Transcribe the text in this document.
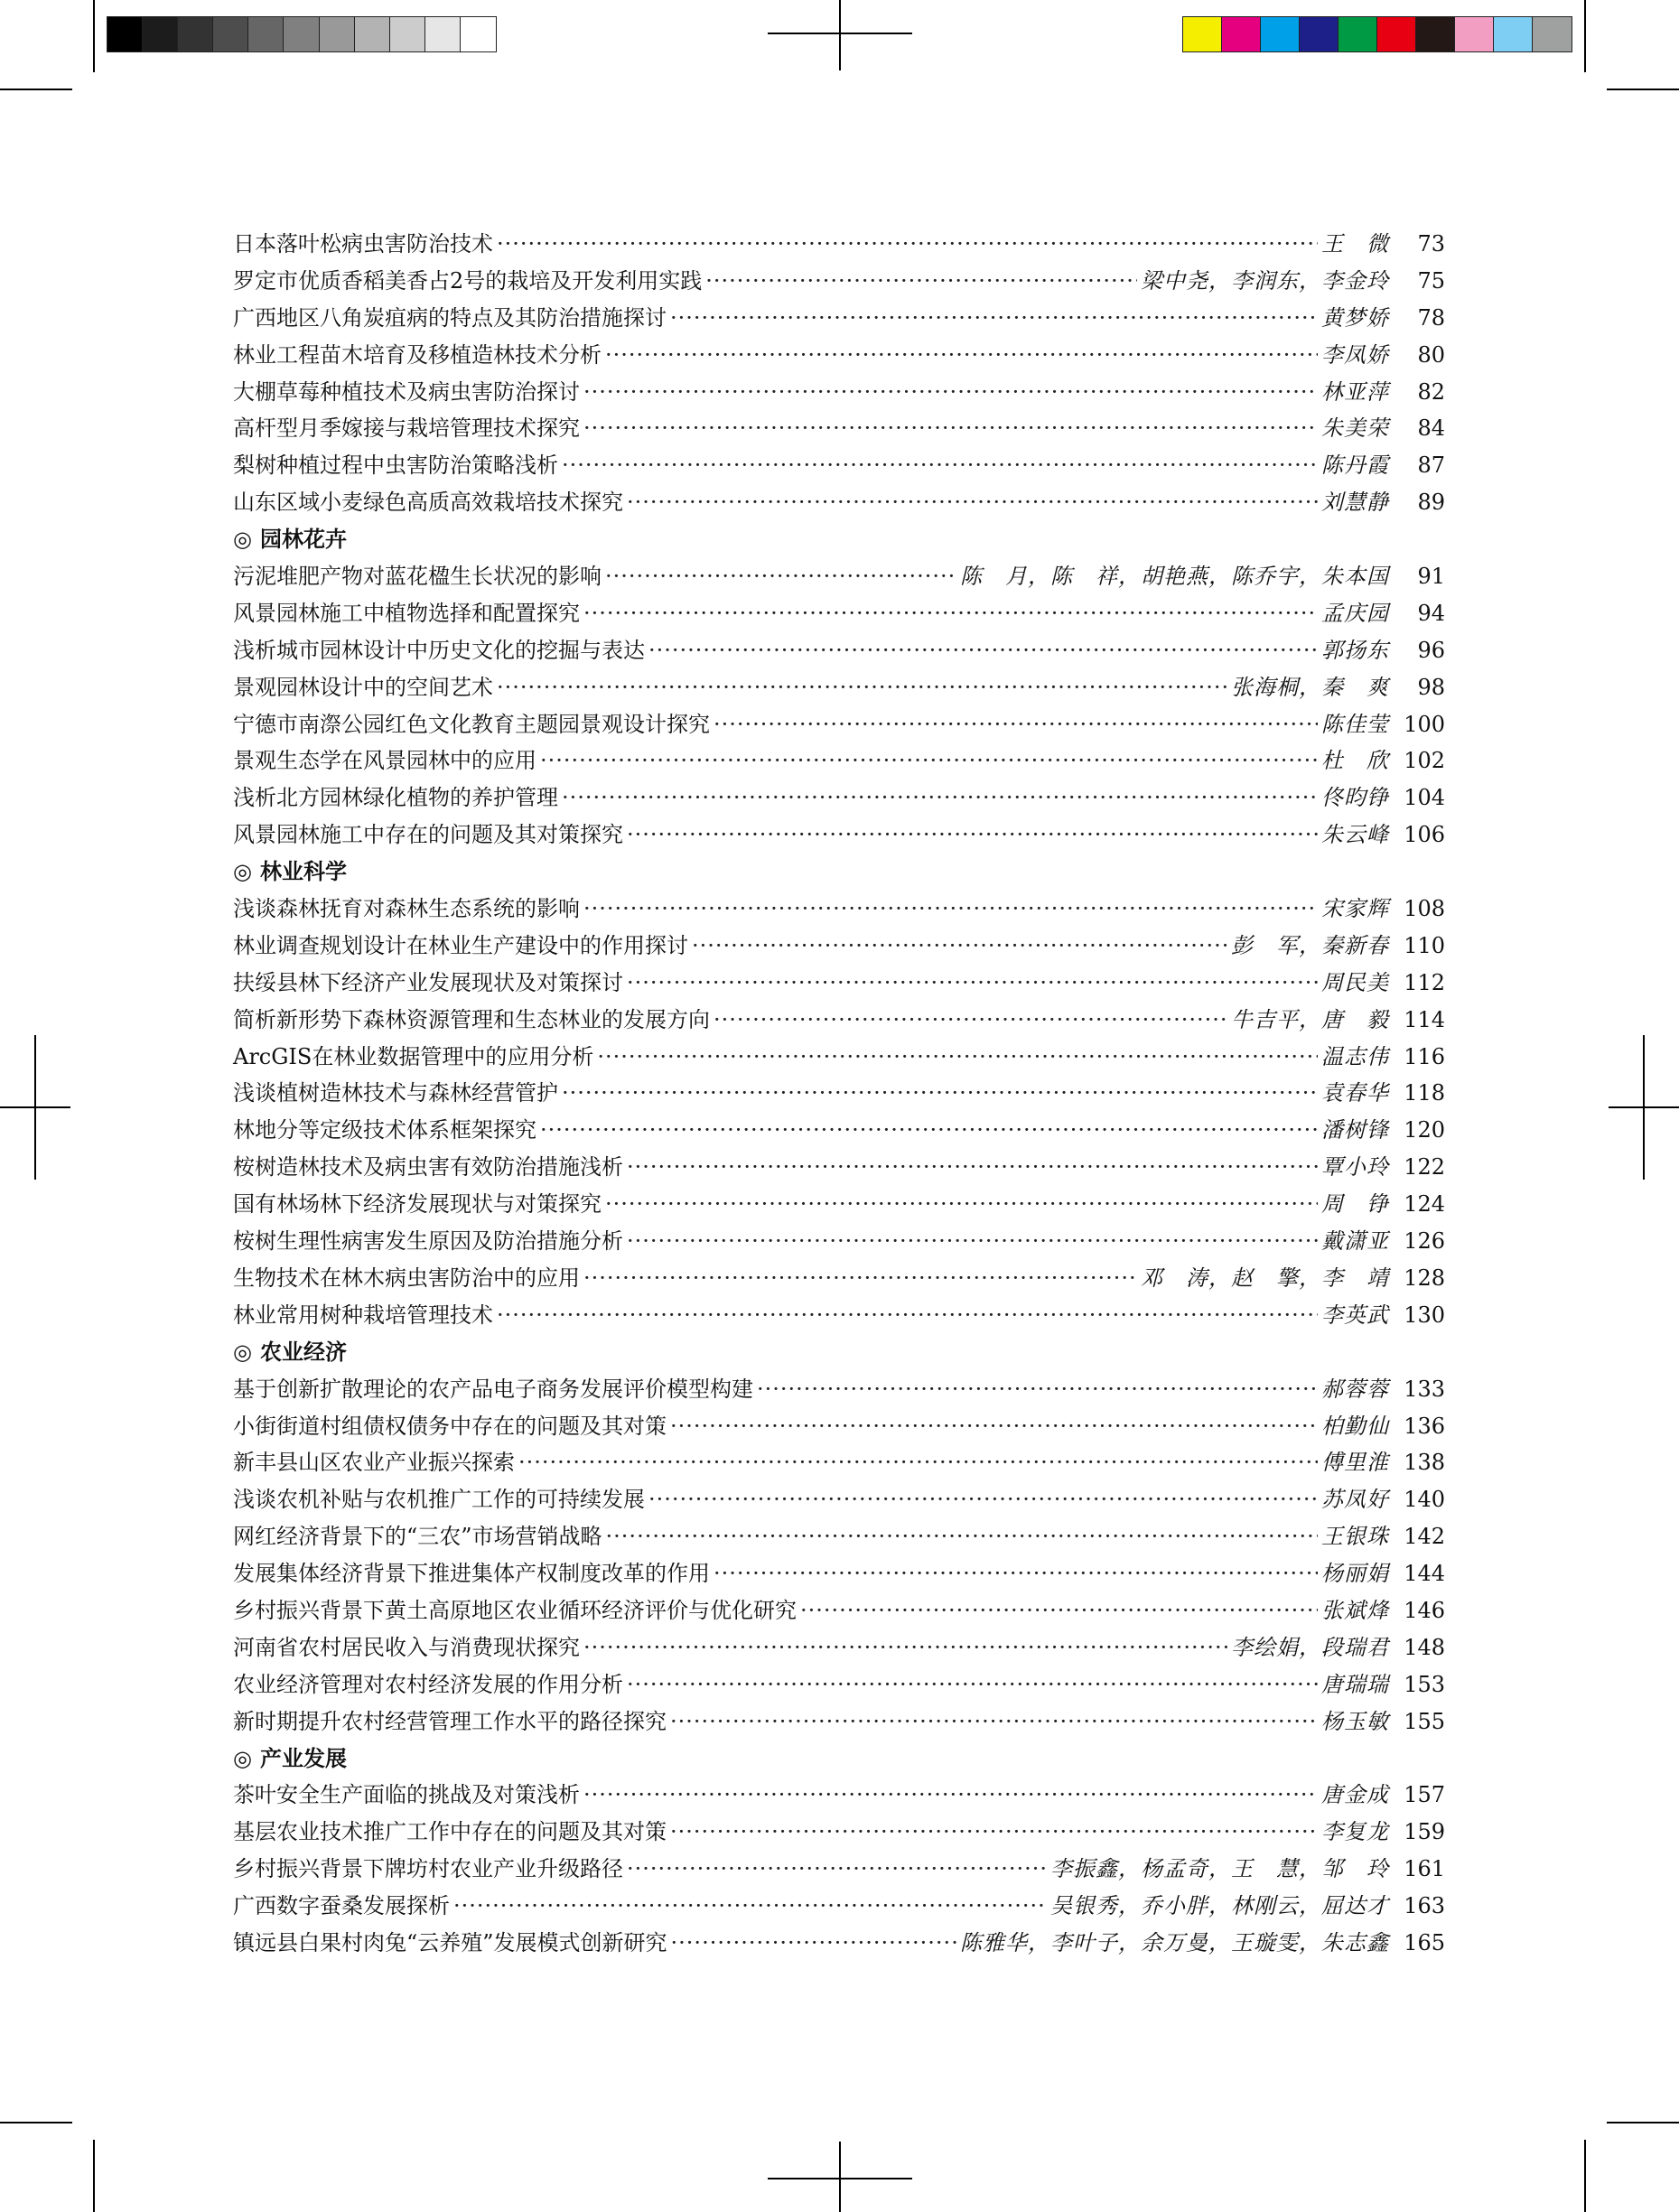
日本落叶松病虫害防治技术 ·····	王　微	73
罗定市优质香稻美香占2号的栽培及开发利用实践 ·····	梁中尧，李润东，李金玲	75
广西地区八角炭疽病的特点及其防治措施探讨 ·····	黄梦娇	78
林业工程苗木培育及移植造林技术分析 ·····	李凤娇	80
大棚草莓种植技术及病虫害防治探讨 ·····	林亚萍	82
高杆型月季嫁接与栽培管理技术探究 ·····	朱美荣	84
梨树种植过程中虫害防治策略浅析 ·····	陈丹霞	87
山东区域小麦绿色高质高效栽培技术探究 ·····	刘慧静	89
◎ 园林花卉
污泥堆肥产物对蓝花楹生长状况的影响 ·····	陈　月，陈　祥，胡艳燕，陈乔宇，朱本国	91
风景园林施工中植物选择和配置探究 ·····	孟庆园	94
浅析城市园林设计中历史文化的挖掘与表达 ·····	郭扬东	96
景观园林设计中的空间艺术 ·····	张海桐，秦　爽	98
宁德市南漈公园红色文化教育主题园景观设计探究 ·····	陈佳莹 100
景观生态学在风景园林中的应用 ·····	杜　欣 102
浅析北方园林绿化植物的养护管理 ·····	佟昀铮 104
风景园林施工中存在的问题及其对策探究 ·····	朱云峰 106
◎ 林业科学
浅谈森林抚育对森林生态系统的影响 ·····	宋家辉 108
林业调查规划设计在林业生产建设中的作用探讨 ·····	彭　军，秦新春 110
扶绥县林下经济产业发展现状及对策探讨 ·····	周民美 112
简析新形势下森林资源管理和生态林业的发展方向 ·····	牛吉平，唐　毅 114
ArcGIS在林业数据管理中的应用分析 ·····	温志伟 116
浅谈植树造林技术与森林经营管护 ·····	袁春华 118
林地分等定级技术体系框架探究 ·····	潘树锋 120
桉树造林技术及病虫害有效防治措施浅析 ·····	覃小玲 122
国有林场林下经济发展现状与对策探究 ·····	周　铮 124
桉树生理性病害发生原因及防治措施分析 ·····	戴潇亚 126
生物技术在林木病虫害防治中的应用 ·····	邓　涛，赵　擎，李　靖 128
林业常用树种栽培管理技术 ·····	李英武 130
◎ 农业经济
基于创新扩散理论的农产品电子商务发展评价模型构建 ·····	郝蓉蓉 133
小街街道村组债权债务中存在的问题及其对策 ·····	柏勤仙 136
新丰县山区农业产业振兴探索 ·····	傅里淮 138
浅谈农机补贴与农机推广工作的可持续发展 ·····	苏凤好 140
网红经济背景下的“三农”市场营销战略 ·····	王银珠 142
发展集体经济背景下推进集体产权制度改革的作用 ·····	杨丽娟 144
乡村振兴背景下黄土高原地区农业循环经济评价与优化研究 ·····	张斌烽 146
河南省农村居民收入与消费现状探究 ·····	李绘娟，段瑞君 148
农业经济管理对农村经济发展的作用分析 ·····	唐瑞瑞 153
新时期提升农村经营管理工作水平的路径探究 ·····	杨玉敏 155
◎ 产业发展
茶叶安全生产面临的挑战及对策浅析 ·····	唐金成 157
基层农业技术推广工作中存在的问题及其对策 ·····	李复龙 159
乡村振兴背景下牌坊村农业产业升级路径 ·····	李振鑫，杨孟奇，王　慧，邹　玲 161
广西数字蚕桑发展探析 ·····	吴银秀，乔小胖，林刚云，屈达才 163
镇远县白果村肉兔“云养殖”发展模式创新研究 ·····	陈雅华，李叶子，余万曼，王璇雯，朱志鑫 165
